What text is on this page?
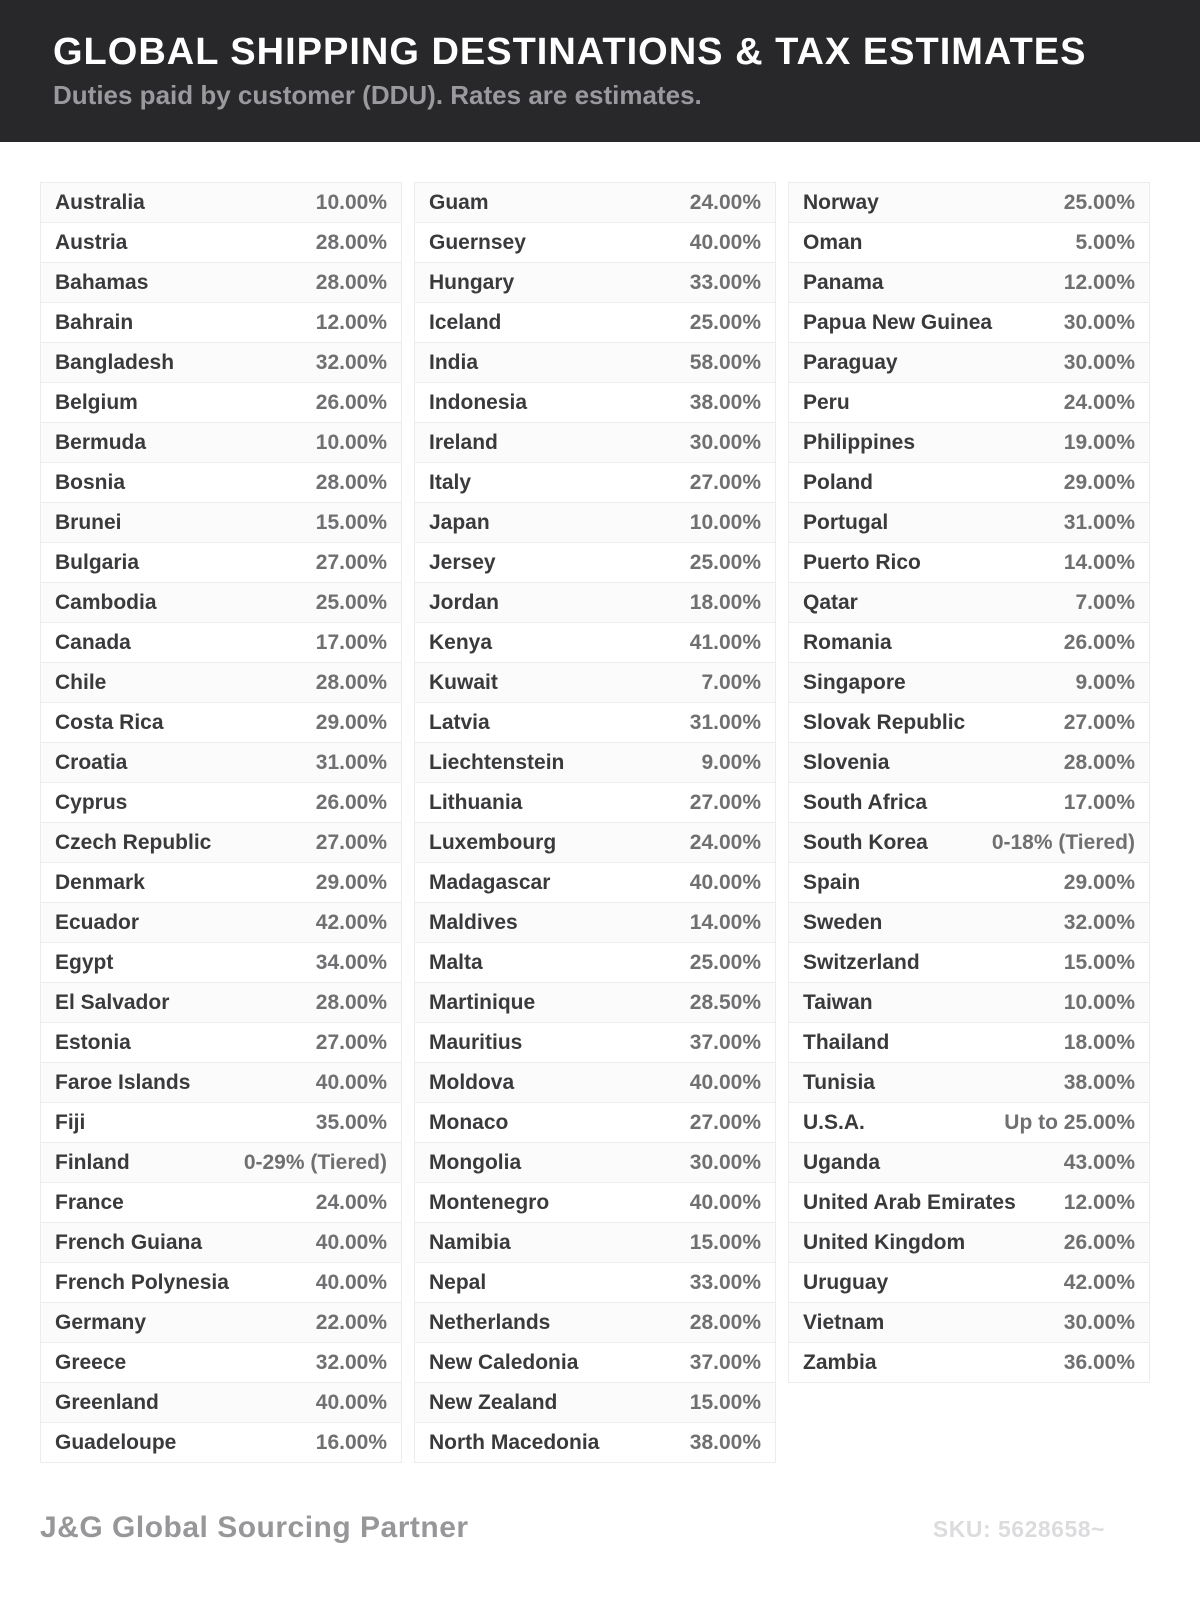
GLOBAL SHIPPING DESTINATIONS & TAX ESTIMATES

Duties paid by customer (DDU). Rates are estimates.

Australia	10.00%
Austria	28.00%
Bahamas	28.00%
Bahrain	12.00%
Bangladesh	32.00%
Belgium	26.00%
Bermuda	10.00%
Bosnia	28.00%
Brunei	15.00%
Bulgaria	27.00%
Cambodia	25.00%
Canada	17.00%
Chile	28.00%
Costa Rica	29.00%
Croatia	31.00%
Cyprus	26.00%
Czech Republic	27.00%
Denmark	29.00%
Ecuador	42.00%
Egypt	34.00%
El Salvador	28.00%
Estonia	27.00%
Faroe Islands	40.00%
Fiji	35.00%
Finland	0-29% (Tiered)
France	24.00%
French Guiana	40.00%
French Polynesia	40.00%
Germany	22.00%
Greece	32.00%
Greenland	40.00%
Guadeloupe	16.00%
Guam	24.00%
Guernsey	40.00%
Hungary	33.00%
Iceland	25.00%
India	58.00%
Indonesia	38.00%
Ireland	30.00%
Italy	27.00%
Japan	10.00%
Jersey	25.00%
Jordan	18.00%
Kenya	41.00%
Kuwait	7.00%
Latvia	31.00%
Liechtenstein	9.00%
Lithuania	27.00%
Luxembourg	24.00%
Madagascar	40.00%
Maldives	14.00%
Malta	25.00%
Martinique	28.50%
Mauritius	37.00%
Moldova	40.00%
Monaco	27.00%
Mongolia	30.00%
Montenegro	40.00%
Namibia	15.00%
Nepal	33.00%
Netherlands	28.00%
New Caledonia	37.00%
New Zealand	15.00%
North Macedonia	38.00%
Norway	25.00%
Oman	5.00%
Panama	12.00%
Papua New Guinea	30.00%
Paraguay	30.00%
Peru	24.00%
Philippines	19.00%
Poland	29.00%
Portugal	31.00%
Puerto Rico	14.00%
Qatar	7.00%
Romania	26.00%
Singapore	9.00%
Slovak Republic	27.00%
Slovenia	28.00%
South Africa	17.00%
South Korea	0-18% (Tiered)
Spain	29.00%
Sweden	32.00%
Switzerland	15.00%
Taiwan	10.00%
Thailand	18.00%
Tunisia	38.00%
U.S.A.	Up to 25.00%
Uganda	43.00%
United Arab Emirates	12.00%
United Kingdom	26.00%
Uruguay	42.00%
Vietnam	30.00%
Zambia	36.00%
J&G Global Sourcing Partner	SKU: 5628658~
